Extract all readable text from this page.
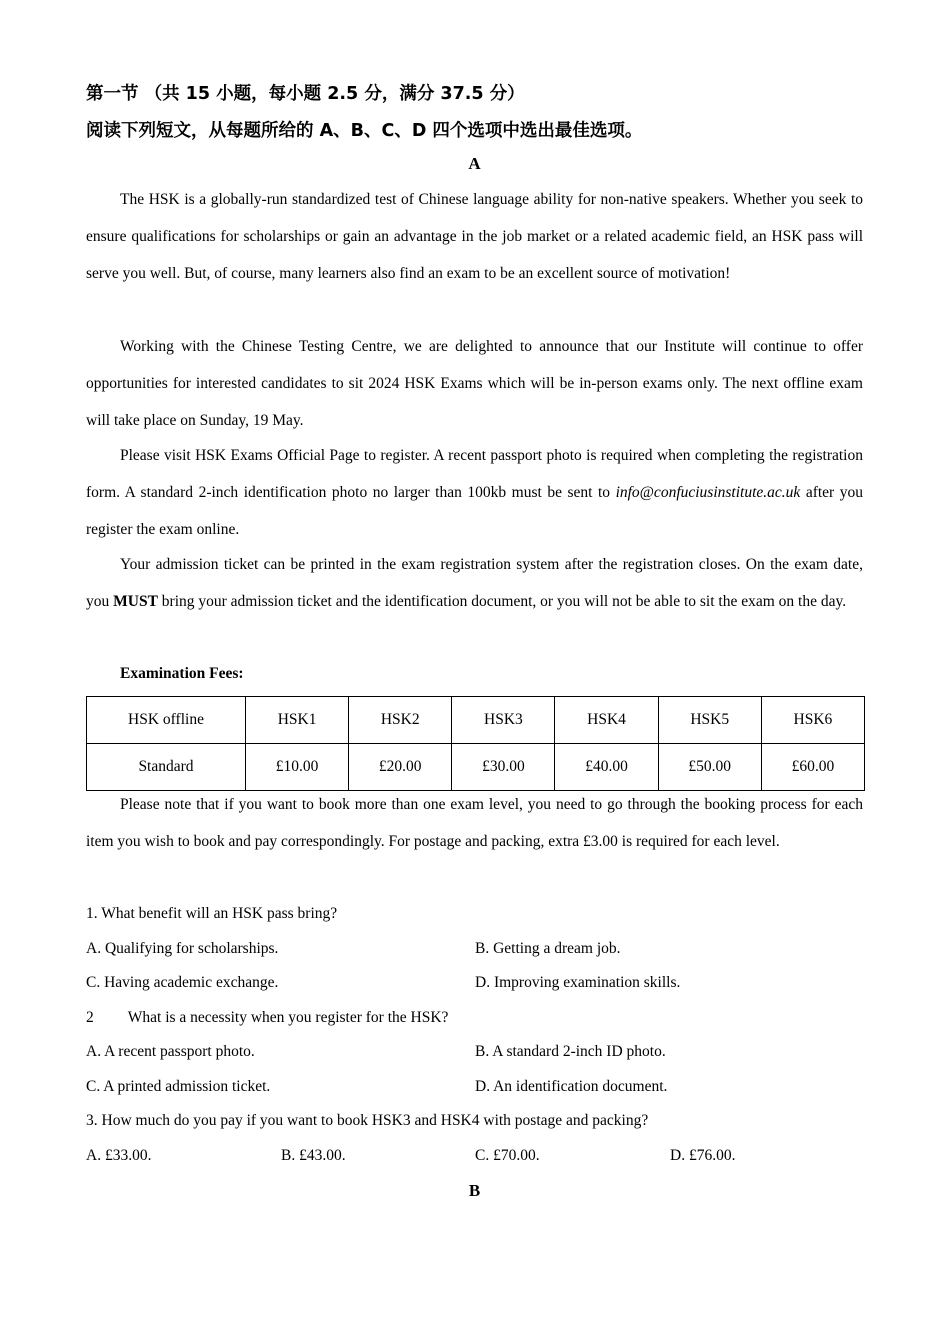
第一节 （共 15 小题，每小题 2.5 分，满分 37.5 分）
阅读下列短文，从每题所给的 A、B、C、D 四个选项中选出最佳选项。
A

The HSK is a globally-run standardized test of Chinese language ability for non-native speakers. Whether you seek to ensure qualifications for scholarships or gain an advantage in the job market or a related academic field, an HSK pass will serve you well. But, of course, many learners also find an exam to be an excellent source of motivation!

Working with the Chinese Testing Centre, we are delighted to announce that our Institute will continue to offer opportunities for interested candidates to sit 2024 HSK Exams which will be in-person exams only. The next offline exam will take place on Sunday, 19 May.

Please visit HSK Exams Official Page to register. A recent passport photo is required when completing the registration form. A standard 2-inch identification photo no larger than 100kb must be sent to info@confuciusinstitute.ac.uk after you register the exam online.

Your admission ticket can be printed in the exam registration system after the registration closes. On the exam date, you MUST bring your admission ticket and the identification document, or you will not be able to sit the exam on the day.

Examination Fees:
HSK offline	HSK1	HSK2	HSK3	HSK4	HSK5	HSK6
Standard	£10.00	£20.00	£30.00	£40.00	£50.00	£60.00

Please note that if you want to book more than one exam level, you need to go through the booking process for each item you wish to book and pay correspondingly. For postage and packing, extra £3.00 is required for each level.

1. What benefit will an HSK pass bring?
A. Qualifying for scholarships.	B. Getting a dream job.
C. Having academic exchange.	D. Improving examination skills.
2 What is a necessity when you register for the HSK?
A. A recent passport photo.	B. A standard 2-inch ID photo.
C. A printed admission ticket.	D. An identification document.
3. How much do you pay if you want to book HSK3 and HSK4 with postage and packing?
A. £33.00.	B. £43.00.	C. £70.00.	D. £76.00.
B
